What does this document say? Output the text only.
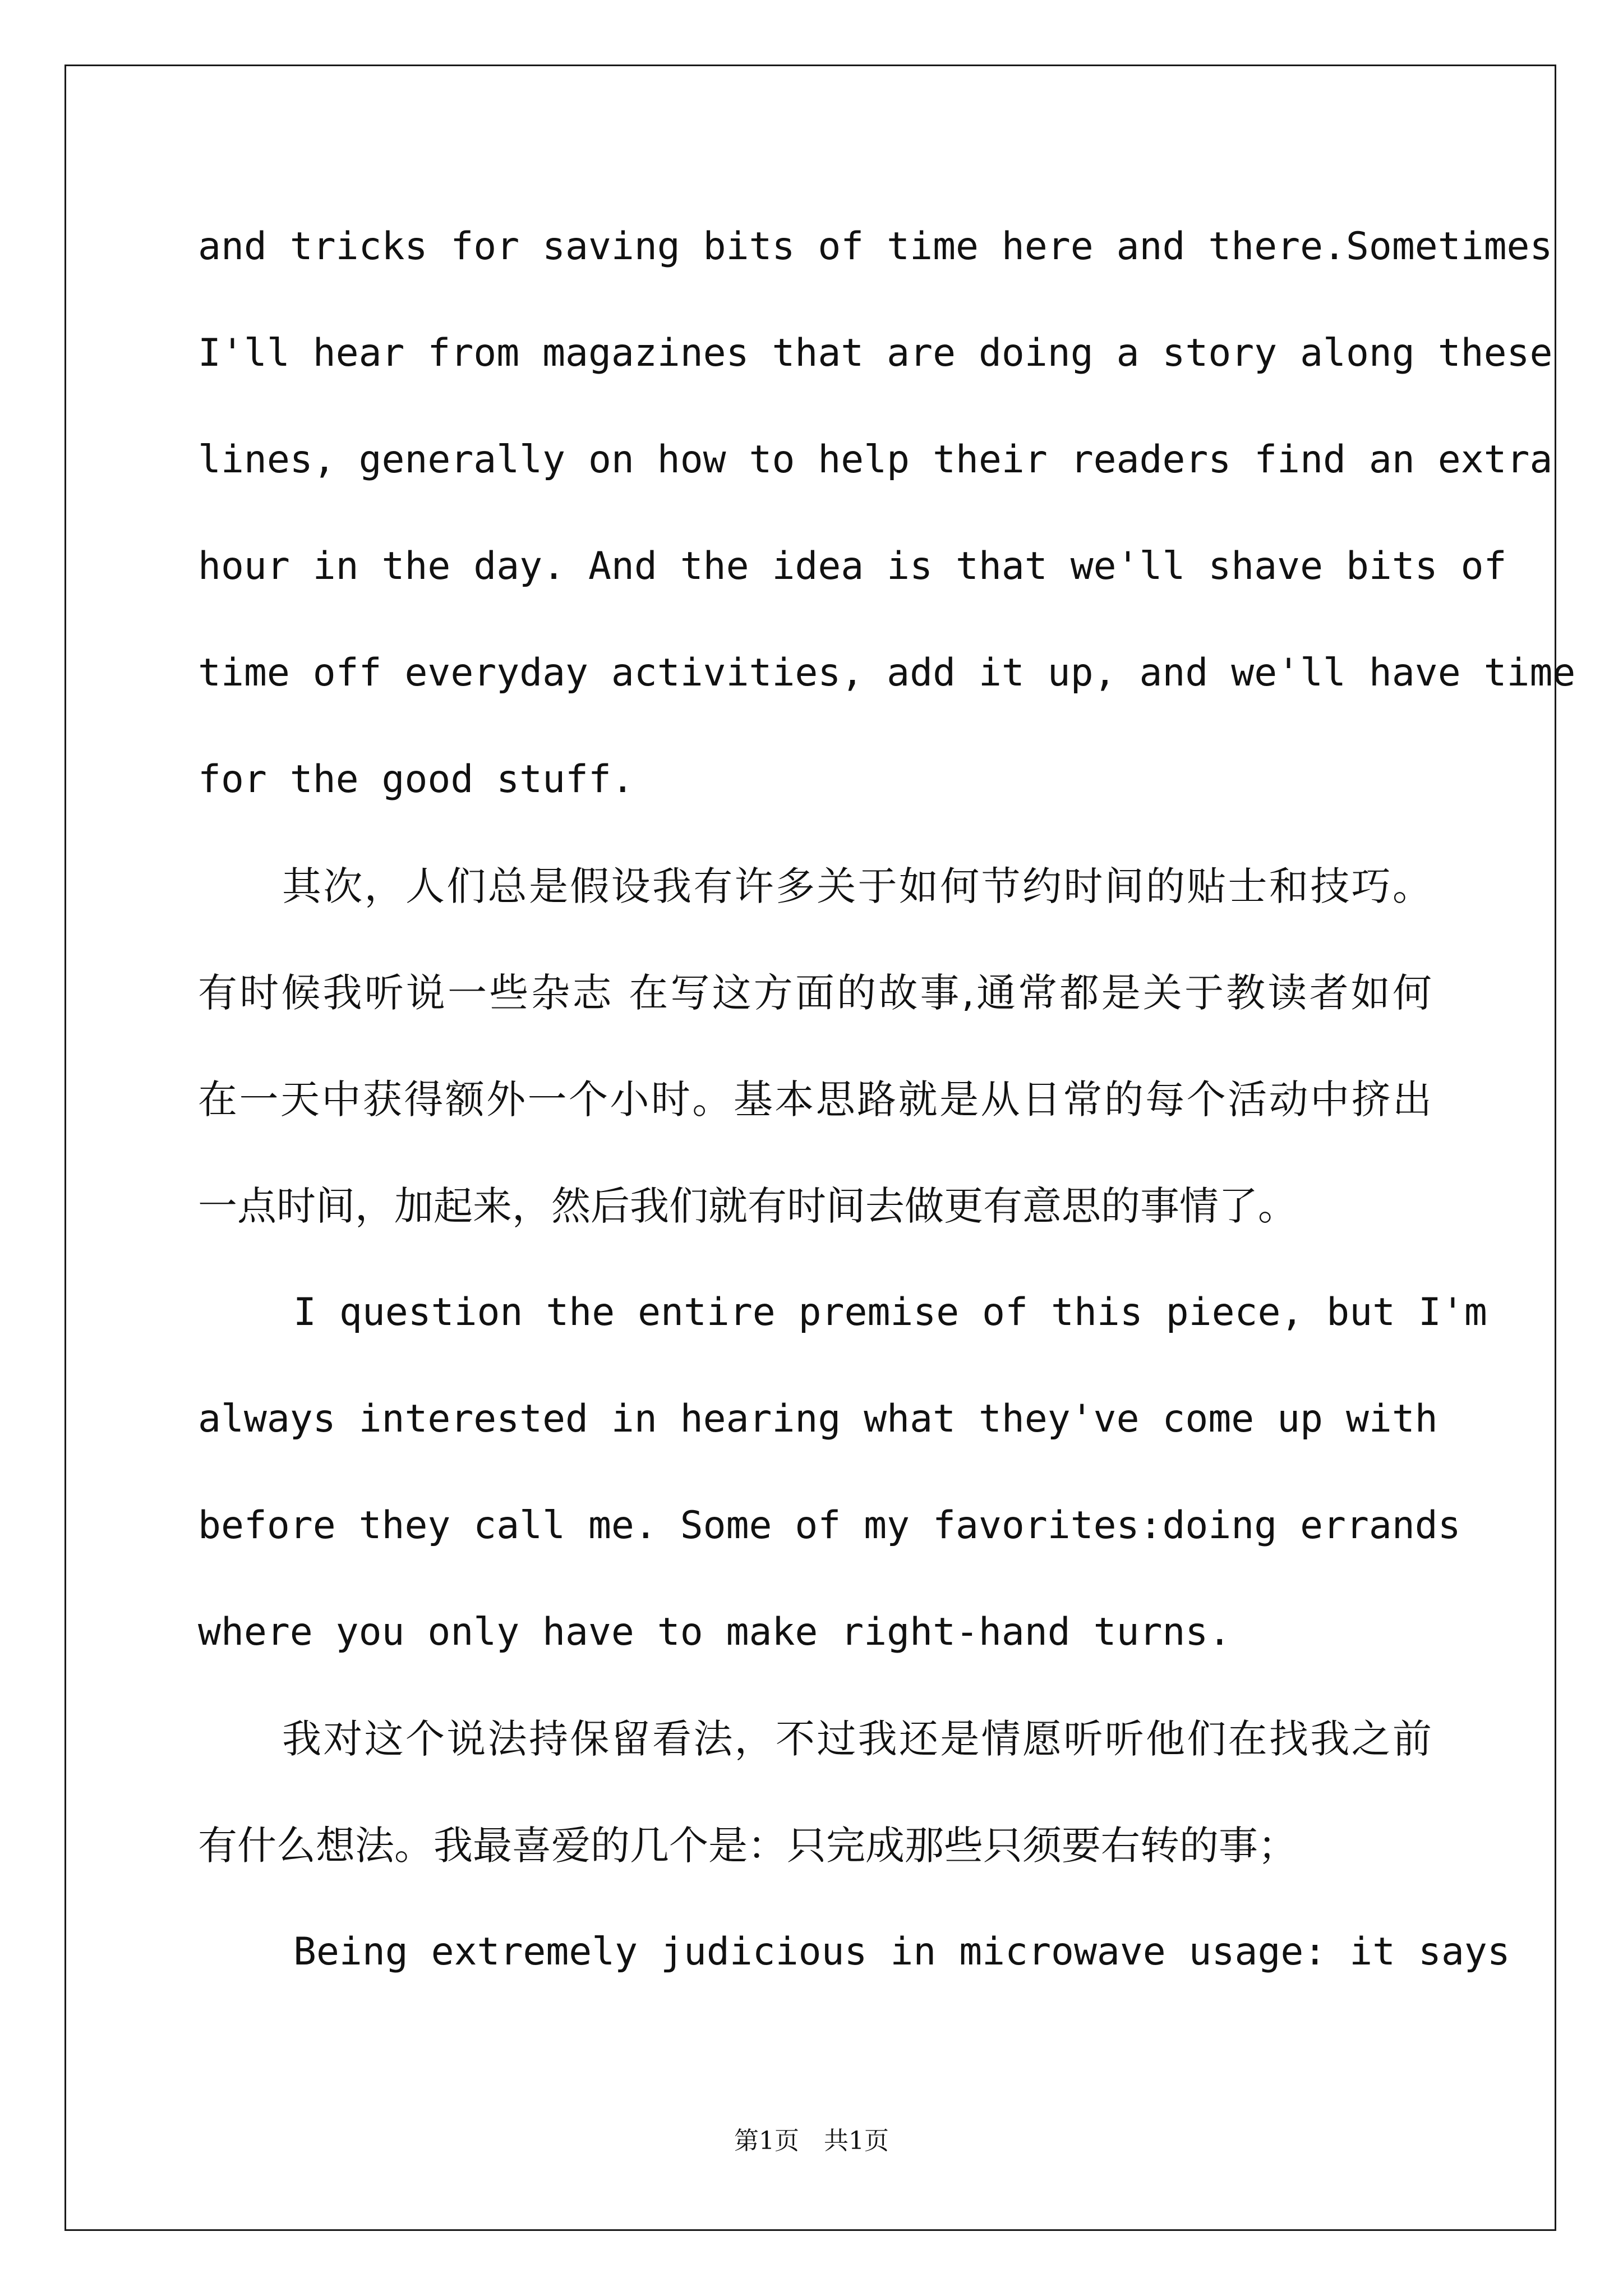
and tricks for saving bits of time here and there.Sometimes
I'll hear from magazines that are doing a story along these
lines, generally on how to help their readers find an extra
hour in the day. And the idea is that we'll shave bits of
time off everyday activities, add it up, and we'll have time
for the good stuff.
其次，人们总是假设我有许多关于如何节约时间的贴士和技巧。
有时候我听说一些杂志 在写这方面的故事,通常都是关于教读者如何
在一天中获得额外一个小时。基本思路就是从日常的每个活动中挤出
一点时间，加起来，然后我们就有时间去做更有意思的事情了。
I question the entire premise of this piece, but I'm
always interested in hearing what they've come up with
before they call me. Some of my favorites:doing errands
where you only have to make right-hand turns.
我对这个说法持保留看法，不过我还是情愿听听他们在找我之前
有什么想法。我最喜爱的几个是：只完成那些只须要右转的事；
Being extremely judicious in microwave usage: it says
第1页　共1页
